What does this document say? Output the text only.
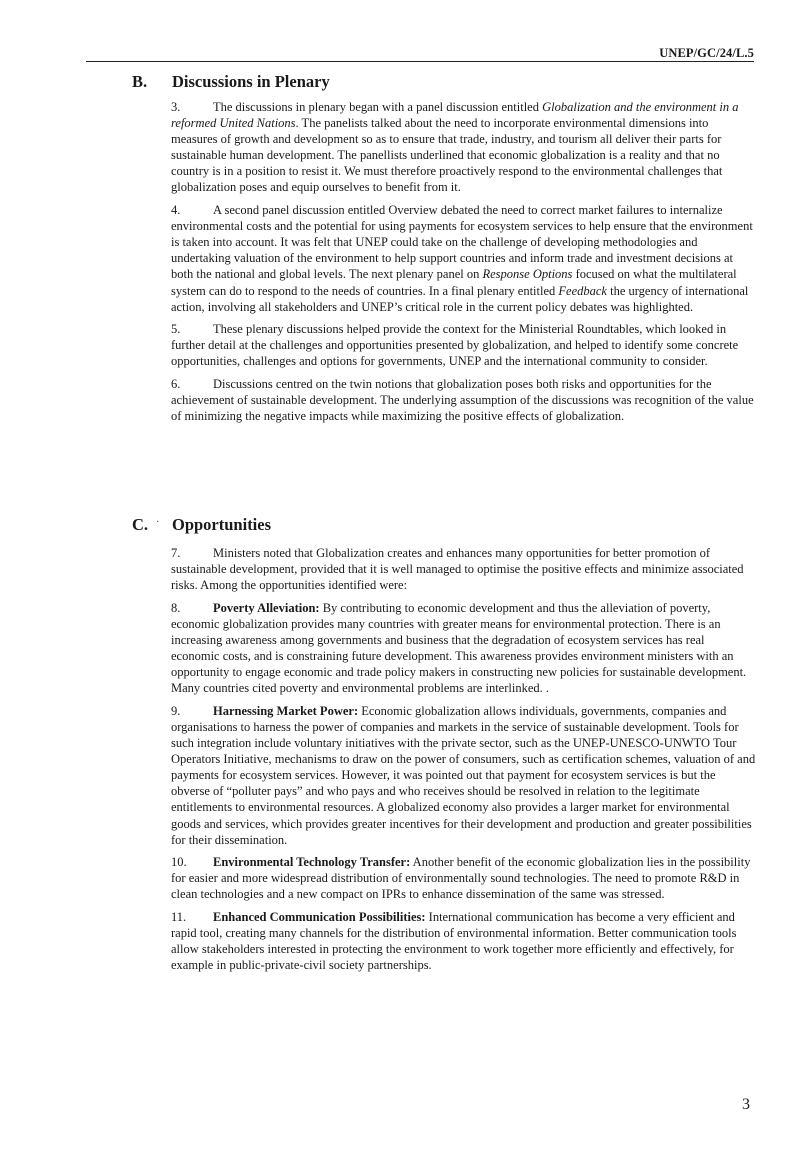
UNEP/GC/24/L.5
B. Discussions in Plenary

3.	The discussions in plenary began with a panel discussion entitled Globalization and the environment in a reformed United Nations. The panelists talked about the need to incorporate environmental dimensions into measures of growth and development so as to ensure that trade, industry, and tourism all deliver their parts for sustainable human development. The panellists underlined that economic globalization is a reality and that no country is in a position to resist it. We must therefore proactively respond to the environmental challenges that globalization poses and equip ourselves to benefit from it.

4.	A second panel discussion entitled Overview debated the need to correct market failures to internalize environmental costs and the potential for using payments for ecosystem services to help ensure that the environment is taken into account. It was felt that UNEP could take on the challenge of developing methodologies and undertaking valuation of the environment to help support countries and inform trade and investment decisions at both the national and global levels. The next plenary panel on Response Options focused on what the multilateral system can do to respond to the needs of countries. In a final plenary entitled Feedback the urgency of international action, involving all stakeholders and UNEP’s critical role in the current policy debates was highlighted.

5.	These plenary discussions helped provide the context for the Ministerial Roundtables, which looked in further detail at the challenges and opportunities presented by globalization, and helped to identify some concrete opportunities, challenges and options for governments, UNEP and the international community to consider.

6.	Discussions centred on the twin notions that globalization poses both risks and opportunities for the achievement of sustainable development. The underlying assumption of the discussions was recognition of the value of minimizing the negative impacts while maximizing the positive effects of globalization.

C. · Opportunities

7.	Ministers noted that Globalization creates and enhances many opportunities for better promotion of sustainable development, provided that it is well managed to optimise the positive effects and minimize associated risks. Among the opportunities identified were:

8.	Poverty Alleviation: By contributing to economic development and thus the alleviation of poverty, economic globalization provides many countries with greater means for environmental protection. There is an increasing awareness among governments and business that the degradation of ecosystem services has real economic costs, and is constraining future development. This awareness provides environment ministers with an opportunity to engage economic and trade policy makers in constructing new policies for sustainable development. Many countries cited poverty and environmental problems are interlinked. .

9.	Harnessing Market Power: Economic globalization allows individuals, governments, companies and organisations to harness the power of companies and markets in the service of sustainable development. Tools for such integration include voluntary initiatives with the private sector, such as the UNEP-UNESCO-UNWTO Tour Operators Initiative, mechanisms to draw on the power of consumers, such as certification schemes, valuation of and payments for ecosystem services. However, it was pointed out that payment for ecosystem services is but the obverse of “polluter pays” and who pays and who receives should be resolved in relation to the legitimate entitlements to environmental resources. A globalized economy also provides a larger market for environmental goods and services, which provides greater incentives for their development and production and greater possibilities for their dissemination.

10. Environmental Technology Transfer: Another benefit of the economic globalization lies in the possibility for easier and more widespread distribution of environmentally sound technologies. The need to promote R&D in clean technologies and a new compact on IPRs to enhance dissemination of the same was stressed.

11. Enhanced Communication Possibilities: International communication has become a very efficient and rapid tool, creating many channels for the distribution of environmental information. Better communication tools allow stakeholders interested in protecting the environment to work together more efficiently and effectively, for example in public-private-civil society partnerships.

3
